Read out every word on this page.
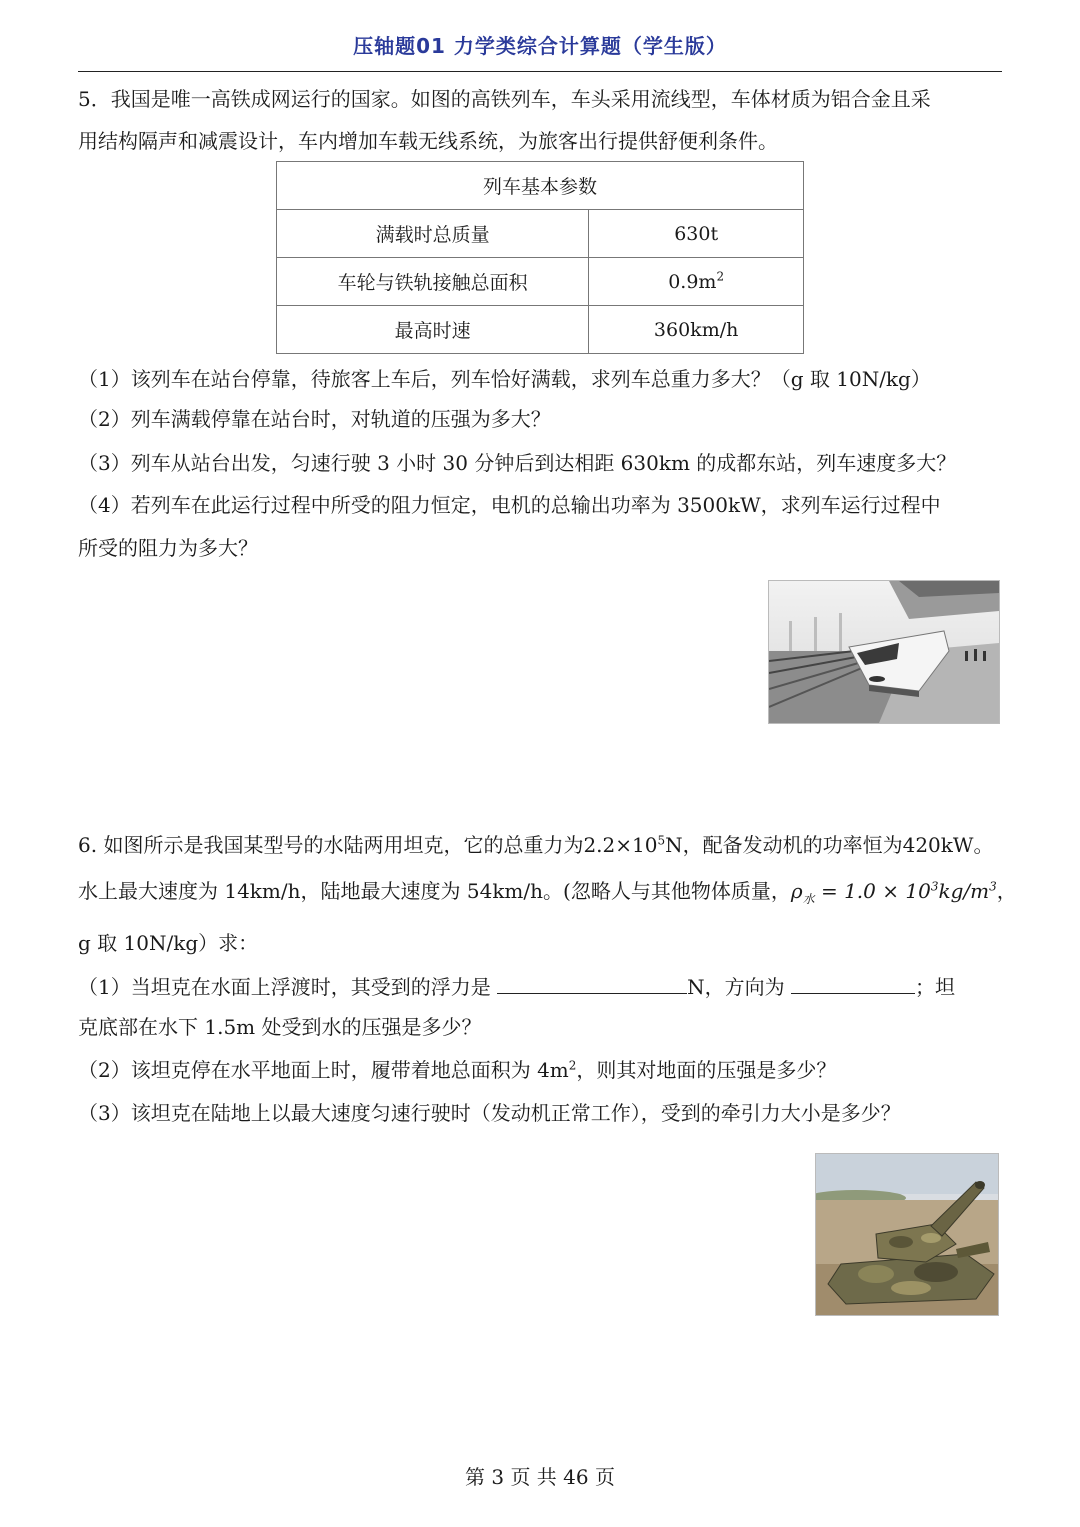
压轴题01 力学类综合计算题（学生版）
5．我国是唯一高铁成网运行的国家。如图的高铁列车，车头采用流线型，车体材质为铝合金且采
用结构隔声和减震设计，车内增加车载无线系统，为旅客出行提供舒便利条件。
列车基本参数	
满载时总质量	630t
车轮与铁轨接触总面积	$0.9m^2$
最高时速	360km/h
（1）该列车在站台停靠，待旅客上车后，列车恰好满载，求列车总重力多大？（g 取 10N/kg）
（2）列车满载停靠在站台时，对轨道的压强为多大？
（3）列车从站台出发，匀速行驶 3 小时 30 分钟后到达相距 630km 的成都东站，列车速度多大？
（4）若列车在此运行过程中所受的阻力恒定，电机的总输出功率为 3500kW，求列车运行过程中
所受的阻力为多大？
6. 如图所示是我国某型号的水陆两用坦克，它的总重力为$2.2\times 10^5N$，配备发动机的功率恒为420kW。
水上最大速度为 14km/h，陆地最大速度为 54km/h。(忽略人与其他物体质量，$\rho_水 = 1.0 \times 10^3kg/m^3$，
g 取 10N/kg）求：
（1）当坦克在水面上浮渡时，其受到的浮力是	N，方向为	；坦
克底部在水下 1.5m 处受到水的压强是多少？
（2）该坦克停在水平地面上时，履带着地总面积为 $4m^2$，则其对地面的压强是多少？
（3）该坦克在陆地上以最大速度匀速行驶时（发动机正常工作），受到的牵引力大小是多少？
第 3 页 共 46 页
